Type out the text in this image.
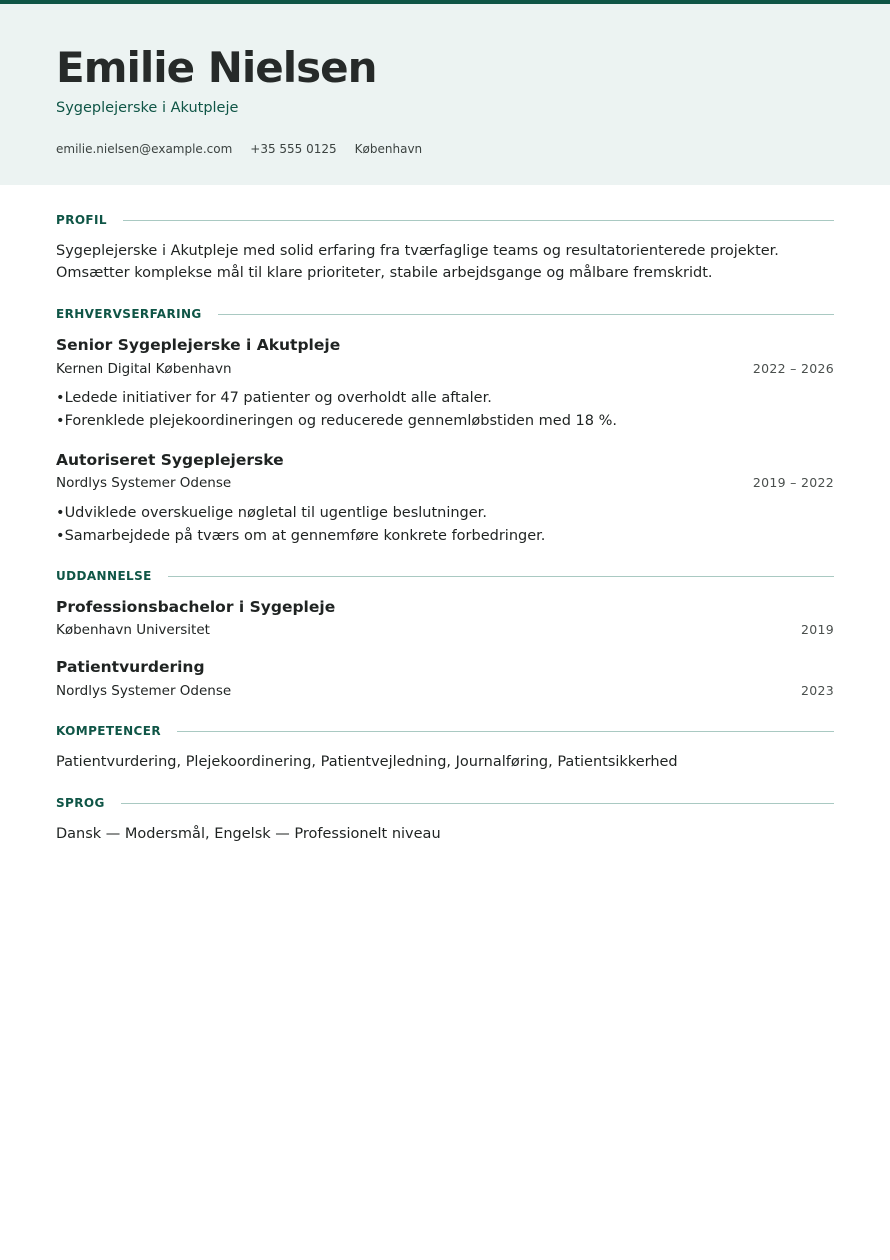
Emilie Nielsen
Sygeplejerske i Akutpleje
emilie.nielsen@example.com +35 555 0125 København
PROFIL

Sygeplejerske i Akutpleje med solid erfaring fra tværfaglige teams og resultatorienterede projekter. Omsætter komplekse mål til klare prioriteter, stabile arbejdsgange og målbare fremskridt.

ERHVERVSERFARING
Senior Sygeplejerske i Akutpleje
Kernen Digital København	2022 – 2026
• Ledede initiativer for 47 patienter og overholdt alle aftaler.
• Forenklede plejekoordineringen og reducerede gennemløbstiden med 18 %.
Autoriseret Sygeplejerske
Nordlys Systemer Odense	2019 – 2022
• Udviklede overskuelige nøgletal til ugentlige beslutninger.
• Samarbejdede på tværs om at gennemføre konkrete forbedringer.
UDDANNELSE
Professionsbachelor i Sygepleje
København Universitet	2019
Patientvurdering
Nordlys Systemer Odense	2023
KOMPETENCER

Patientvurdering, Plejekoordinering, Patientvejledning, Journalføring, Patientsikkerhed

SPROG

Dansk — Modersmål, Engelsk — Professionelt niveau
